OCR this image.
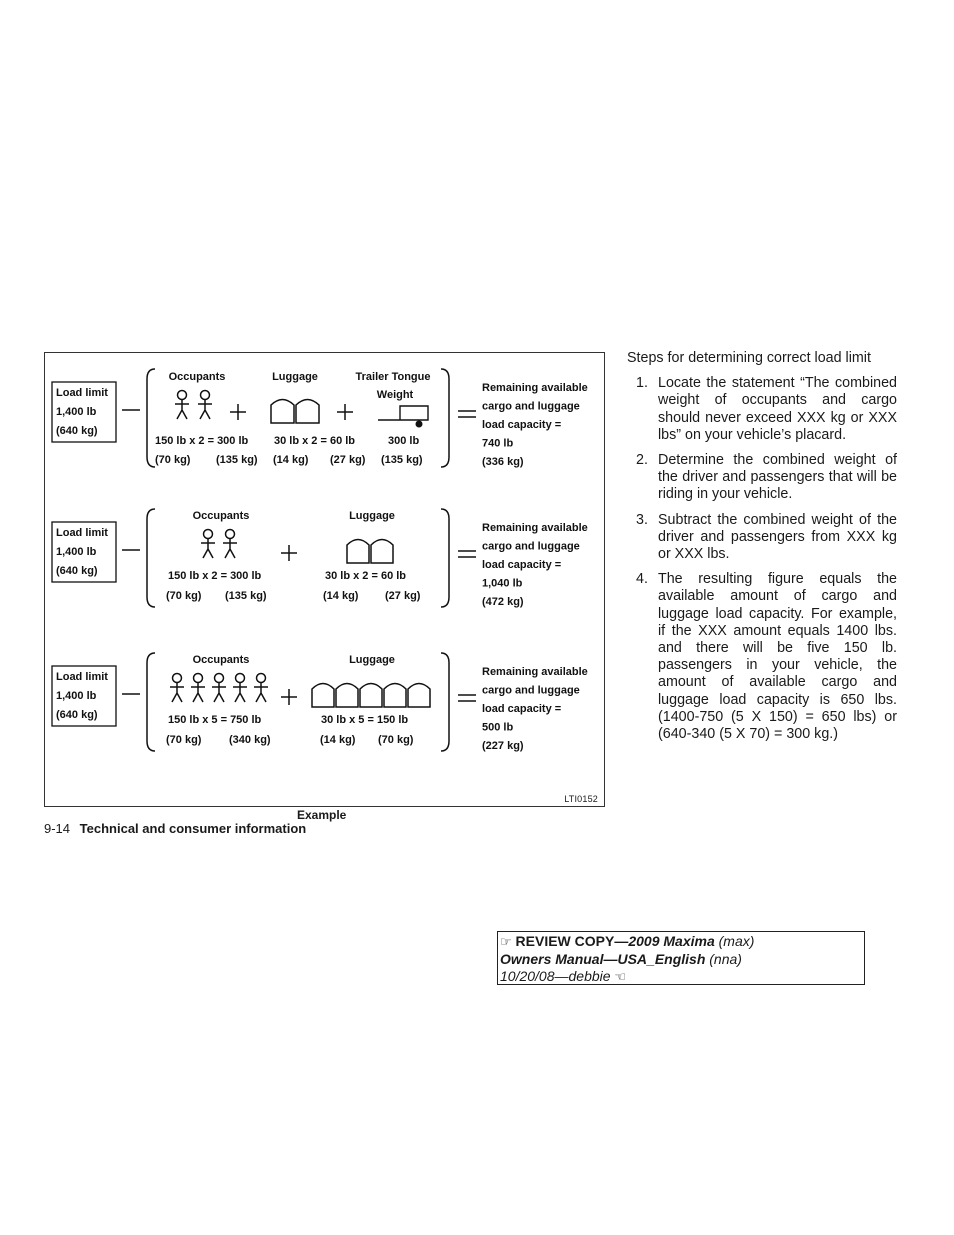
Load limit
1,400 lb
(640 kg)
Remaining available
cargo and luggage
load capacity =
740 lb
(336 kg)
Occupants
150 lb x 2 = 300 lb
(70 kg) (135 kg)
Luggage
30 lb x 2 = 60 lb
(14 kg) (27 kg)
Trailer Tongue
Weight
300 lb
(135 kg)
Load limit
1,400 lb
(640 kg)
Remaining available
cargo and luggage
load capacity =
1,040 lb
(472 kg)
Occupants
150 lb x 2 = 300 lb
(70 kg) (135 kg)
Luggage
30 lb x 2 = 60 lb
(14 kg) (27 kg)
Load limit
1,400 lb
(640 kg)
Remaining available
cargo and luggage
load capacity =
500 lb
(227 kg)
Occupants
150 lb x 5 = 750 lb
(70 kg)	(340 kg)
Luggage
30 lb x 5 = 150 lb
(14 kg) (70 kg)
LTI0152
Example
9-14 Technical and consumer information
Steps for determining correct load limit
1. Locate the statement “The combined weight of occupants and cargo should never exceed XXX kg or XXX lbs” on your vehicle’s placard.
2. Determine the combined weight of the driver and passengers that will be riding in your vehicle.
3. Subtract the combined weight of the driver and passengers from XXX kg or XXX lbs.
4. The resulting figure equals the available amount of cargo and luggage load capacity. For example, if the XXX amount equals 1400 lbs. and there will be five 150 lb. passengers in your vehicle, the amount of available cargo and luggage load capacity is 650 lbs. (1400-750 (5 X 150) = 650 lbs) or (640-340 (5 X 70) = 300 kg.)
☞ REVIEW COPY—2009 Maxima (max)
Owners Manual—USA_English (nna)
10/20/08—debbie ☜
